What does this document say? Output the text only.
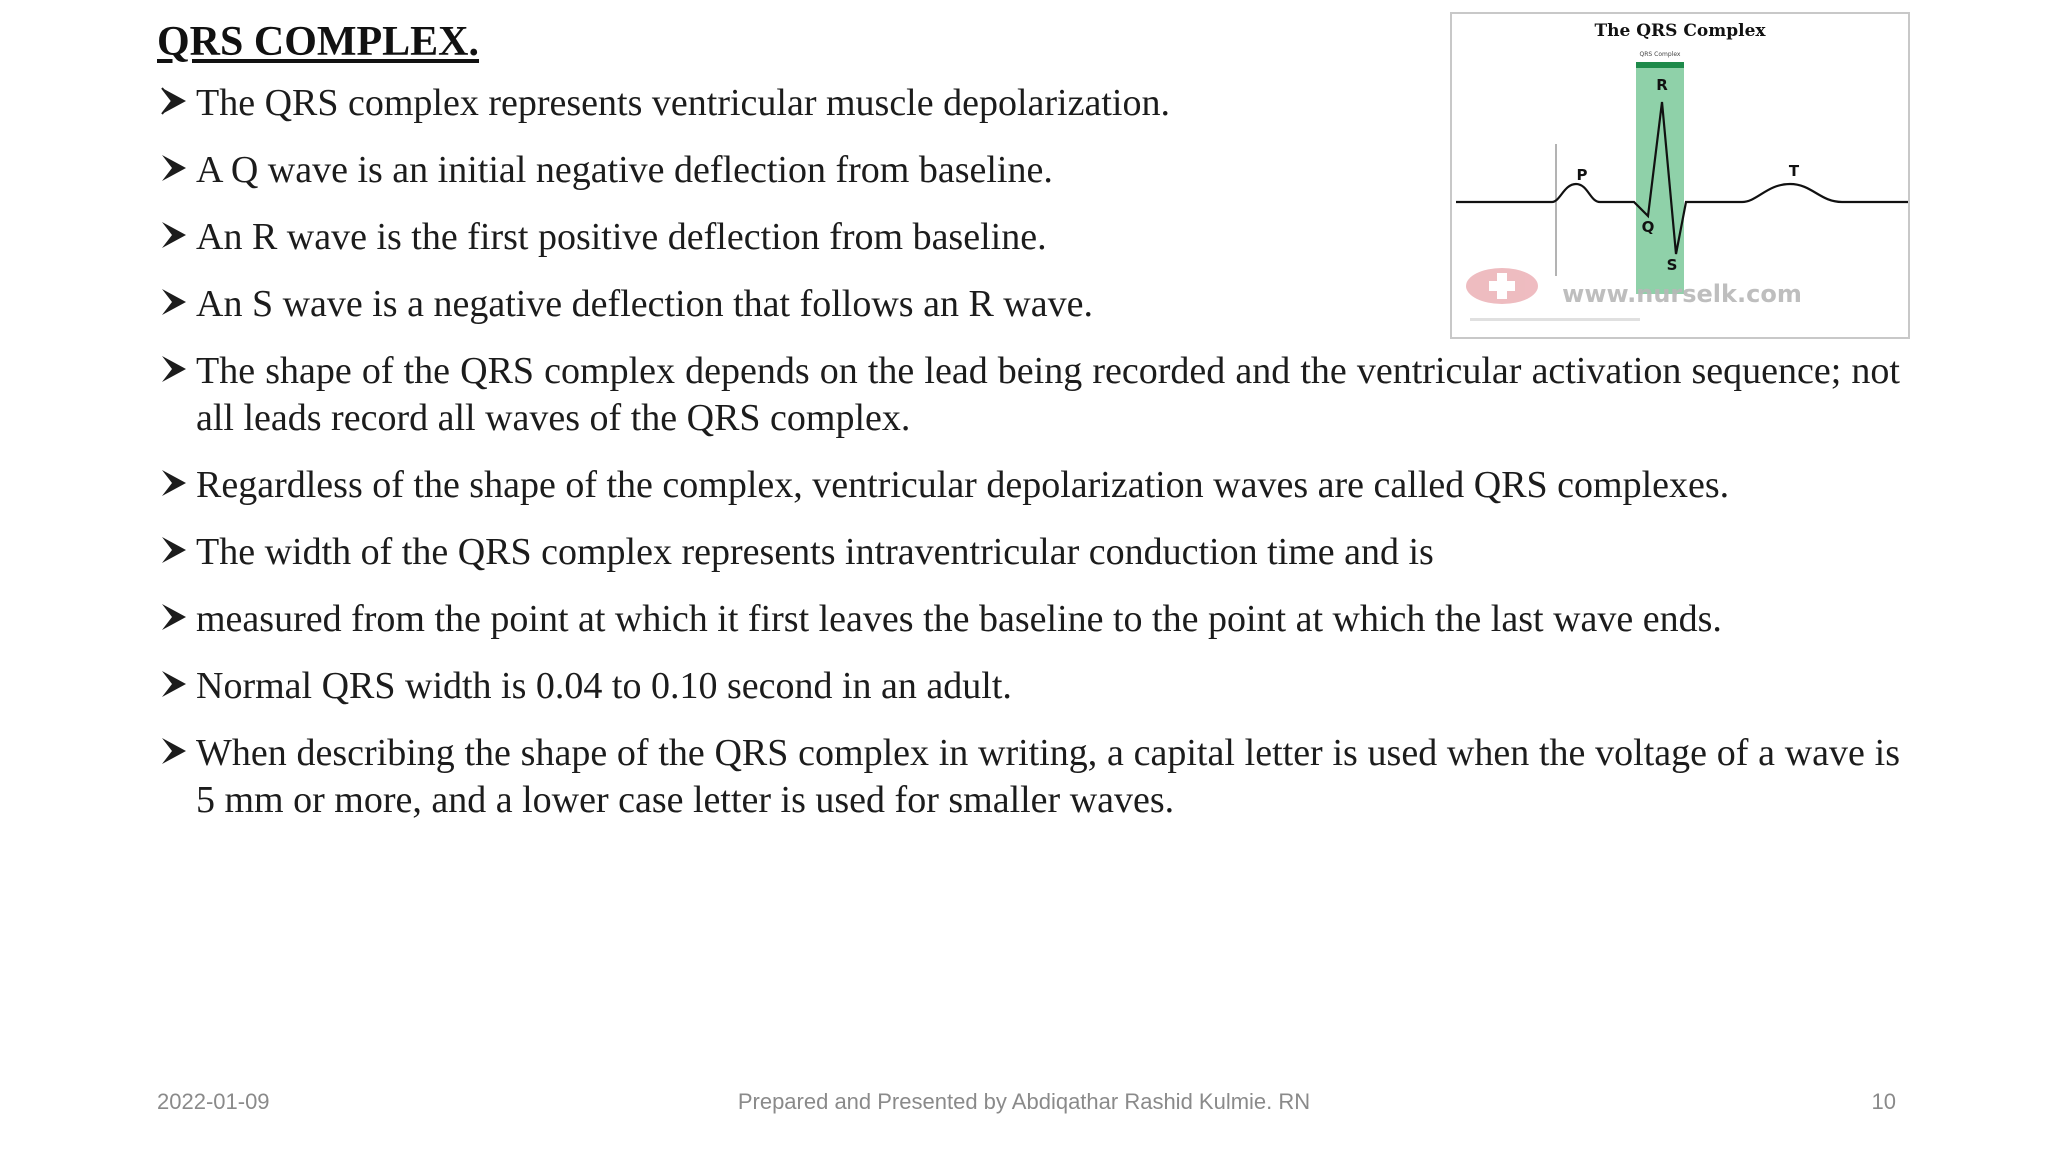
QRS COMPLEX.	The QRS Complex
QRS Complex
P
R
Q
S
T
www.nurselk.com
The QRS complex represents ventricular muscle depolarization.
A Q wave is an initial negative deflection from baseline.
An R wave is the first positive deflection from baseline.
An S wave is a negative deflection that follows an R wave.
The shape of the QRS complex depends on the lead being recorded and the ventricular activation sequence; not all leads record all waves of the QRS complex.
Regardless of the shape of the complex, ventricular depolarization waves are called QRS complexes.
The width of the QRS complex represents intraventricular conduction time and is
measured from the point at which it first leaves the baseline to the point at which the last wave ends.
Normal QRS width is 0.04 to 0.10 second in an adult.
When describing the shape of the QRS complex in writing, a capital letter is used when the voltage of a wave is 5 mm or more, and a lower case letter is used for smaller waves.
2022-01-09	Prepared and Presented by Abdiqathar Rashid Kulmie. RN	10
